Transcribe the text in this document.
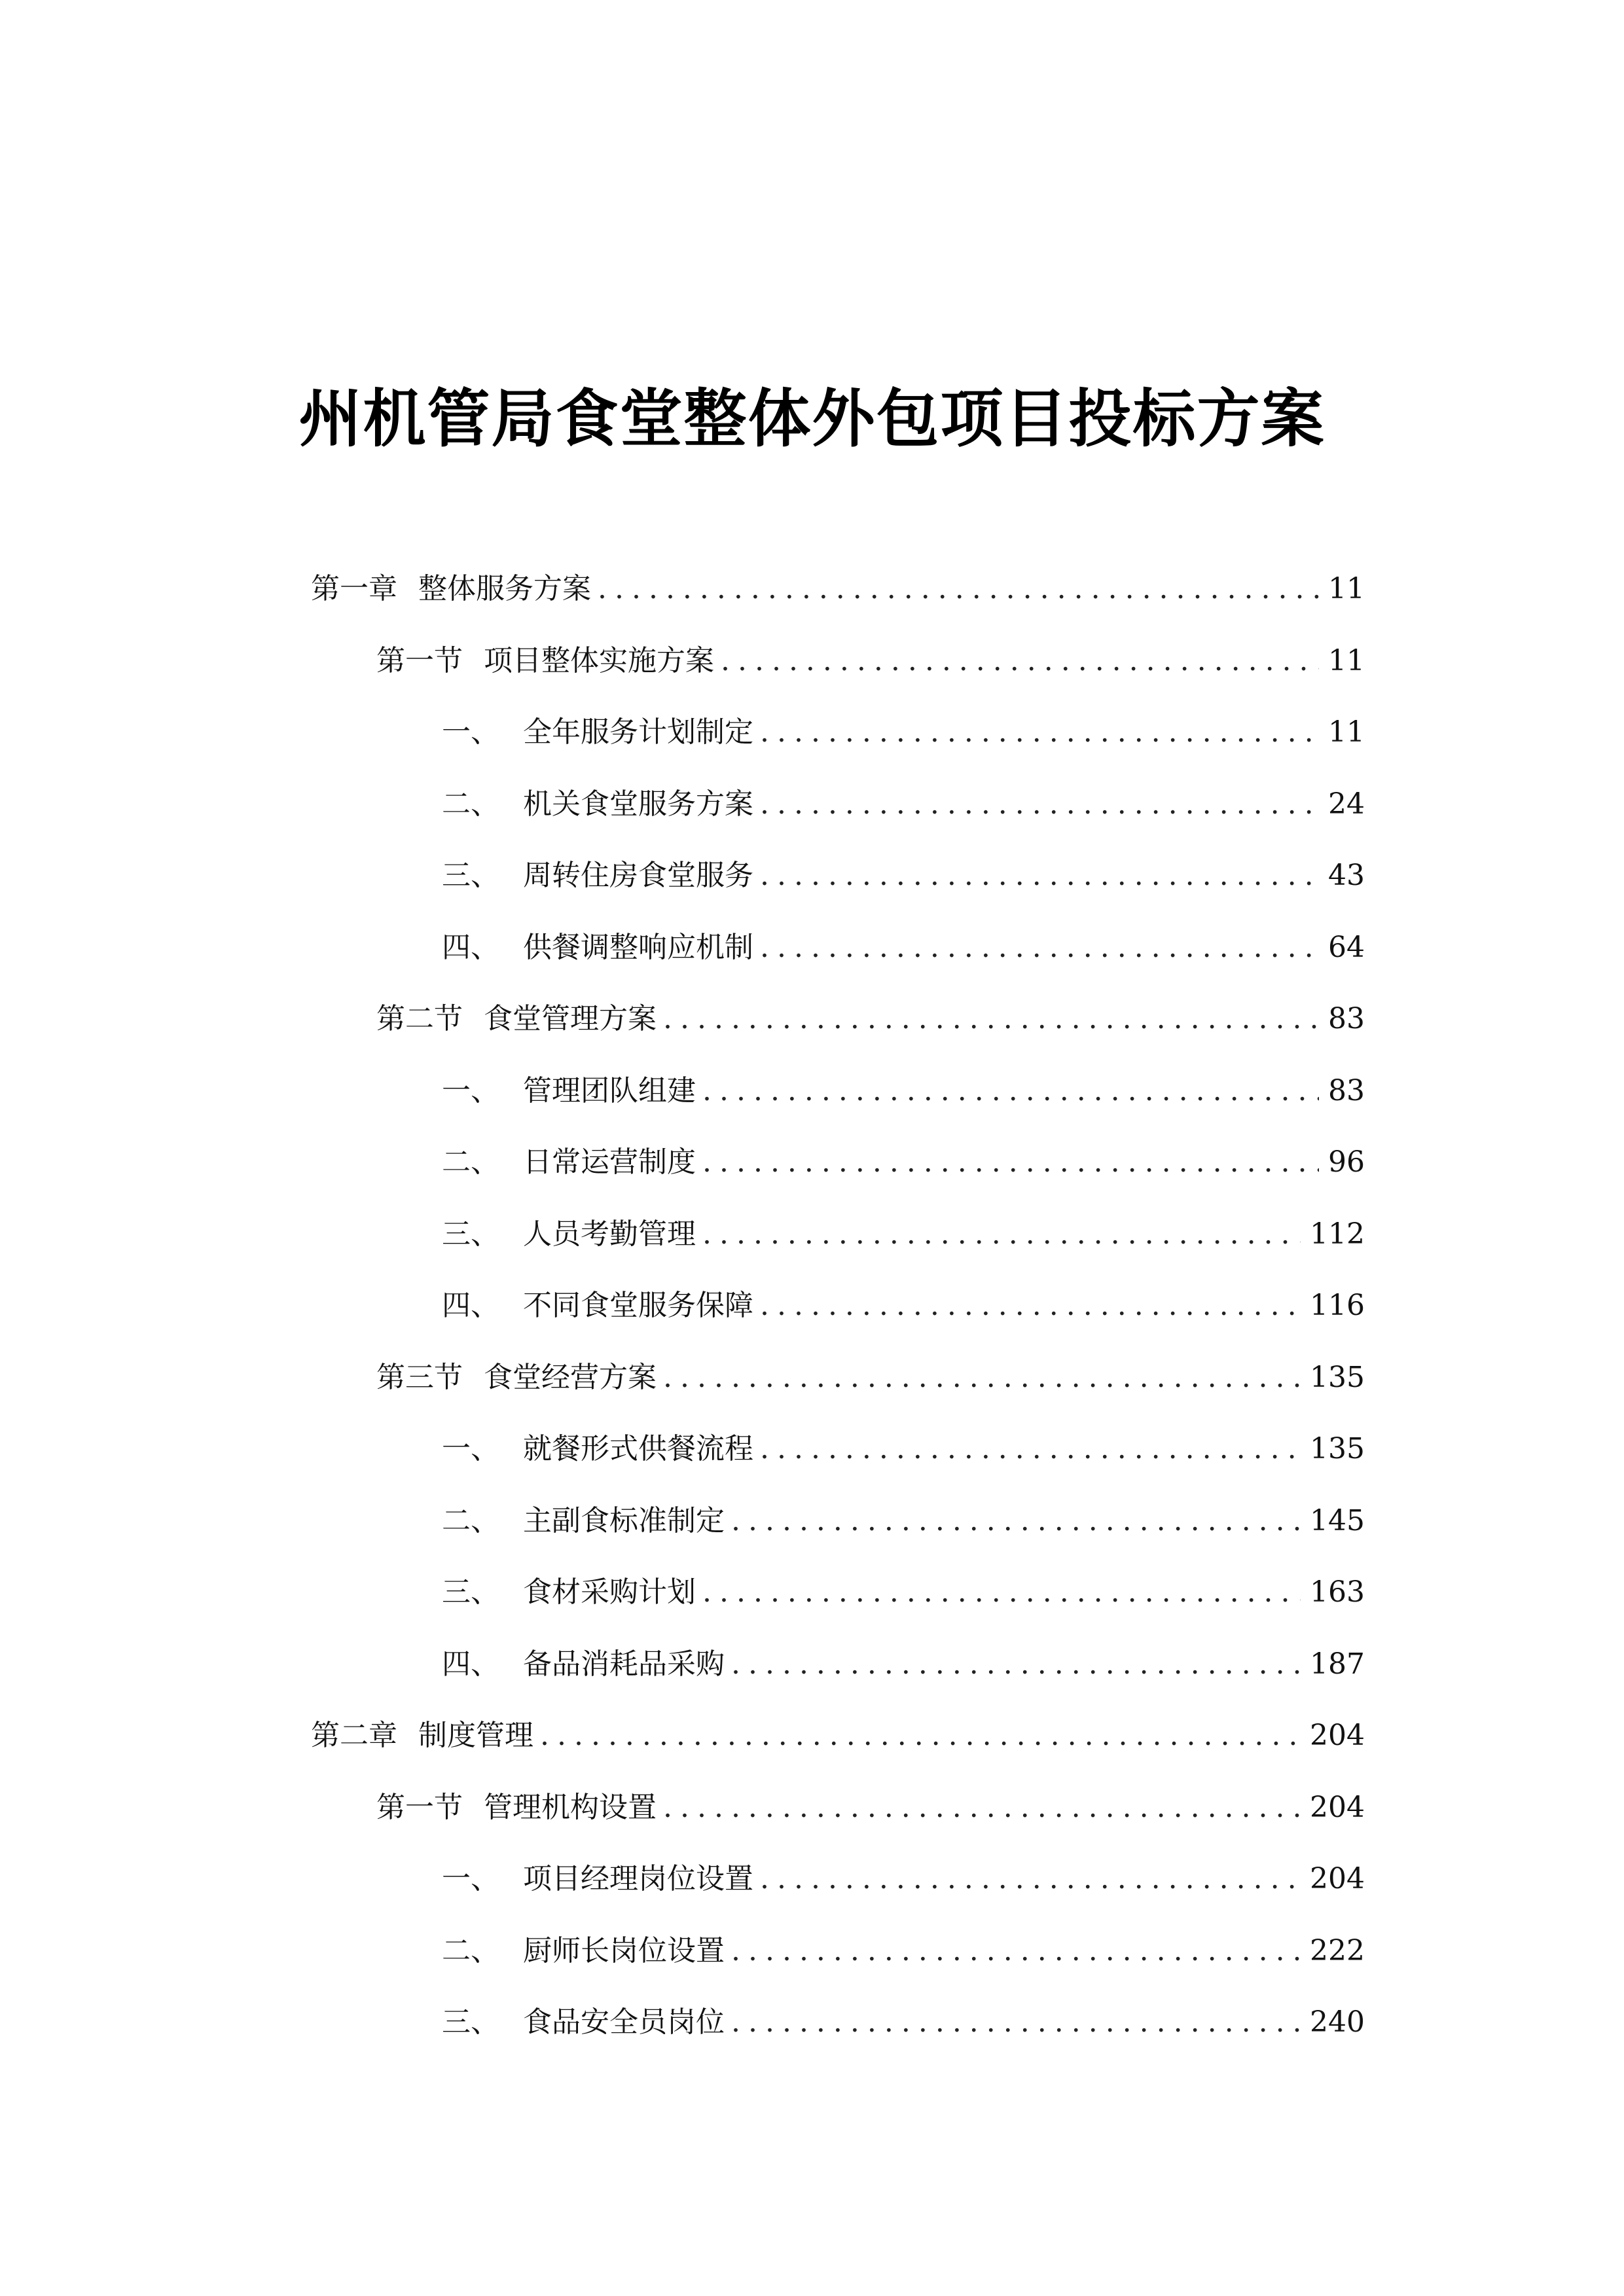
州机管局食堂整体外包项目投标方案
第一章 整体服务方案 .....	11
第一节 项目整体实施方案 .....	11
一、 全年服务计划制定 .....	11
二、 机关食堂服务方案 .....	24
三、 周转住房食堂服务 .....	43
四、 供餐调整响应机制 .....	64
第二节 食堂管理方案 .....	83
一、 管理团队组建 .....	83
二、 日常运营制度 .....	96
三、 人员考勤管理 .....	112
四、 不同食堂服务保障 .....	116
第三节 食堂经营方案 .....	135
一、 就餐形式供餐流程 .....	135
二、 主副食标准制定 .....	145
三、 食材采购计划 .....	163
四、 备品消耗品采购 .....	187
第二章 制度管理 .....	204
第一节 管理机构设置 .....	204
一、 项目经理岗位设置 .....	204
二、 厨师长岗位设置 .....	222
三、 食品安全员岗位 .....	240
